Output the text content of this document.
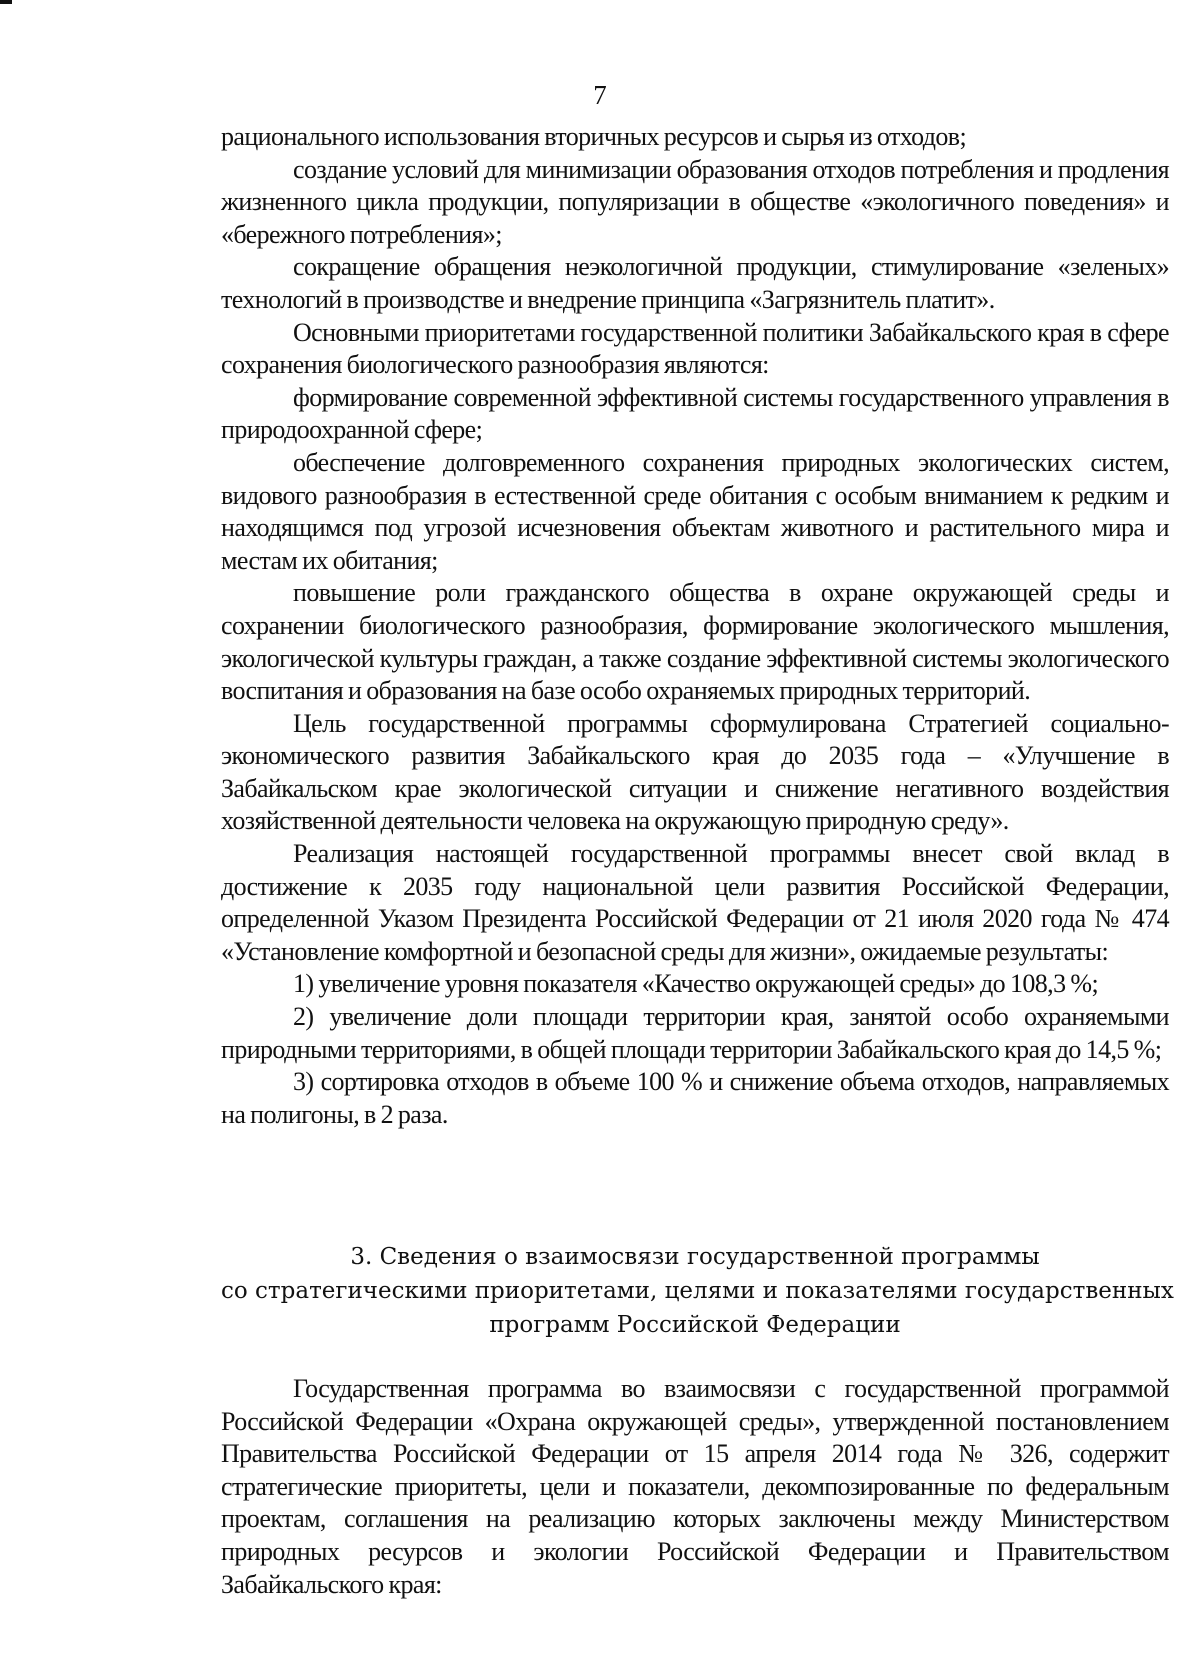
7

рационального использования вторичных ресурсов и сырья из отходов;

создание условий для минимизации образования отходов потребления и продления жизненного цикла продукции, популяризации в обществе «экологичного поведения» и «бережного потребления»;

сокращение обращения неэкологичной продукции, стимулирование «зеленых» технологий в производстве и внедрение принципа «Загрязнитель платит».

Основными приоритетами государственной политики Забайкальского края в сфере сохранения биологического разнообразия являются:

формирование современной эффективной системы государственного управления в природоохранной сфере;

обеспечение долговременного сохранения природных экологических систем, видового разнообразия в естественной среде обитания с особым вниманием к редким и находящимся под угрозой исчезновения объектам животного и растительного мира и местам их обитания;

повышение роли гражданского общества в охране окружающей среды и сохранении биологического разнообразия, формирование экологического мышления, экологической культуры граждан, а также создание эффективной системы экологического воспитания и образования на базе особо охраняемых природных территорий.

Цель государственной программы сформулирована Стратегией социально-экономического развития Забайкальского края до 2035 года – «Улучшение в Забайкальском крае экологической ситуации и снижение негативного воздействия хозяйственной деятельности человека на окружающую природную среду».

Реализация настоящей государственной программы внесет свой вклад в достижение к 2035 году национальной цели развития Российской Федерации, определенной Указом Президента Российской Федерации от 21 июля 2020 года № 474 «Установление комфортной и безопасной среды для жизни», ожидаемые результаты:

1) увеличение уровня показателя «Качество окружающей среды» до 108,3 %;

2) увеличение доли площади территории края, занятой особо охраняемыми природными территориями, в общей площади территории Забайкальского края до 14,5 %;

3) сортировка отходов в объеме 100 % и снижение объема отходов, направляемых на полигоны, в 2 раза.

3. Сведения о взаимосвязи государственной программы
со стратегическими приоритетами, целями и показателями государственных
программ Российской Федерации

Государственная программа во взаимосвязи с государственной программой Российской Федерации «Охрана окружающей среды», утвержденной постановлением Правительства Российской Федерации от 15 апреля 2014 года № 326, содержит стратегические приоритеты, цели и показатели, декомпозированные по федеральным проектам, соглашения на реализацию которых заключены между Министерством природных ресурсов и экологии Российской Федерации и Правительством Забайкальского края:
